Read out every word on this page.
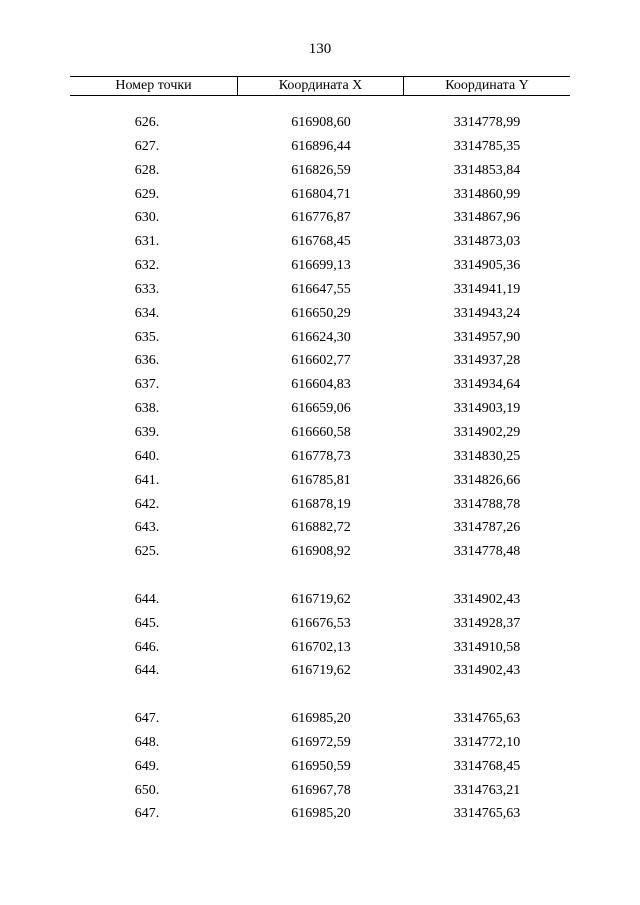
130
Номер точки	Координата X	Координата Y
626.	616908,60	3314778,99
627.	616896,44	3314785,35
628.	616826,59	3314853,84
629.	616804,71	3314860,99
630.	616776,87	3314867,96
631.	616768,45	3314873,03
632.	616699,13	3314905,36
633.	616647,55	3314941,19
634.	616650,29	3314943,24
635.	616624,30	3314957,90
636.	616602,77	3314937,28
637.	616604,83	3314934,64
638.	616659,06	3314903,19
639.	616660,58	3314902,29
640.	616778,73	3314830,25
641.	616785,81	3314826,66
642.	616878,19	3314788,78
643.	616882,72	3314787,26
625.	616908,92	3314778,48
644.	616719,62	3314902,43
645.	616676,53	3314928,37
646.	616702,13	3314910,58
644.	616719,62	3314902,43
647.	616985,20	3314765,63
648.	616972,59	3314772,10
649.	616950,59	3314768,45
650.	616967,78	3314763,21
647.	616985,20	3314765,63
